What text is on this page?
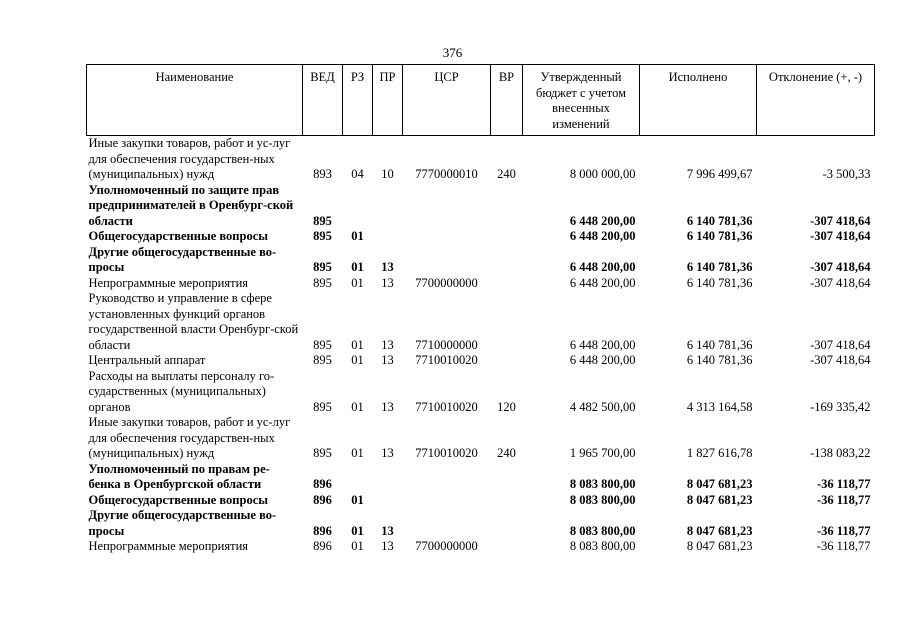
376
Наименование	ВЕД	РЗ	ПР	ЦСР	ВР	Утвержденный бюджет с учетом внесенных изменений	Исполнено	Отклонение (+, -)
Иные закупки товаров, работ и ус-луг для обеспечения государствен-ных (муниципальных) нужд	893	04	10	7770000010	240	8 000 000,00	7 996 499,67	-3 500,33
Уполномоченный по защите прав предпринимателей в Оренбург-ской области	895					6 448 200,00	6 140 781,36	-307 418,64
Общегосударственные вопросы	895	01				6 448 200,00	6 140 781,36	-307 418,64
Другие общегосударственные во-просы	895	01	13			6 448 200,00	6 140 781,36	-307 418,64
Непрограммные мероприятия	895	01	13	7700000000		6 448 200,00	6 140 781,36	-307 418,64
Руководство и управление в сфере установленных функций органов государственной власти Оренбург-ской области	895	01	13	7710000000		6 448 200,00	6 140 781,36	-307 418,64
Центральный аппарат	895	01	13	7710010020		6 448 200,00	6 140 781,36	-307 418,64
Расходы на выплаты персоналу го-сударственных (муниципальных) органов	895	01	13	7710010020	120	4 482 500,00	4 313 164,58	-169 335,42
Иные закупки товаров, работ и ус-луг для обеспечения государствен-ных (муниципальных) нужд	895	01	13	7710010020	240	1 965 700,00	1 827 616,78	-138 083,22
Уполномоченный по правам ре-бенка в Оренбургской области	896					8 083 800,00	8 047 681,23	-36 118,77
Общегосударственные вопросы	896	01				8 083 800,00	8 047 681,23	-36 118,77
Другие общегосударственные во-просы	896	01	13			8 083 800,00	8 047 681,23	-36 118,77
Непрограммные мероприятия	896	01	13	7700000000		8 083 800,00	8 047 681,23	-36 118,77
